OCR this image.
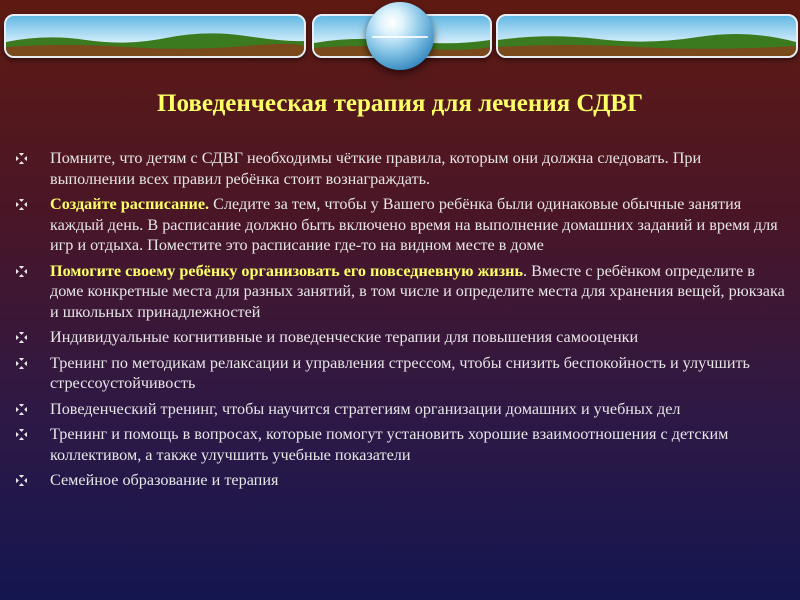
Поведенческая терапия для лечения СДВГ
Помните, что детям с СДВГ необходимы чёткие правила, которым они должна следовать. При выполнении всех правил ребёнка стоит вознаграждать.
Создайте расписание. Следите за тем, чтобы у Вашего ребёнка были одинаковые обычные занятия каждый день. В расписание должно быть включено время на выполнение домашних заданий и время для игр и отдыха. Поместите это расписание где-то на видном месте в доме
Помогите своему ребёнку организовать его повседневную жизнь. Вместе с ребёнком определите в доме конкретные места для разных занятий, в том числе и определите места для хранения вещей, рюкзака и школьных принадлежностей
Индивидуальные когнитивные и поведенческие терапии для повышения самооценки
Тренинг по методикам релаксации и управления стрессом, чтобы снизить беспокойность и улучшить стрессоустойчивость
Поведенческий тренинг, чтобы научится стратегиям организации домашних и учебных дел
Тренинг и помощь в вопросах, которые помогут установить хорошие взаимоотношения с детским коллективом, а также улучшить учебные показатели
Семейное образование и терапия
